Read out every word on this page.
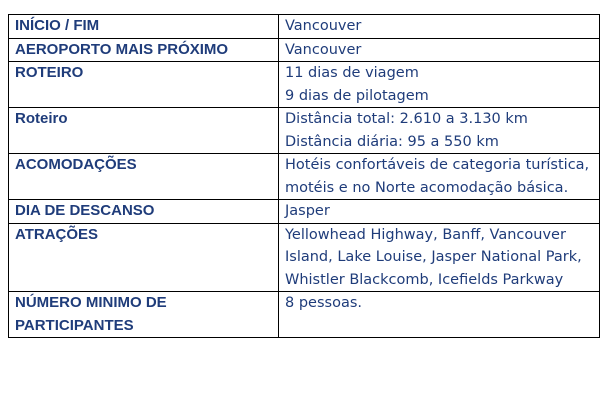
INÍCIO / FIM	Vancouver
AEROPORTO MAIS PRÓXIMO	Vancouver
ROTEIRO	11 dias de viagem
9 dias de pilotagem

Roteiro	Distância total: 2.610 a 3.130 km
Distância diária: 95 a 550 km

ACOMODAÇÕES	Hotéis confortáveis de categoria turística, motéis e no Norte acomodação básica.

DIA DE DESCANSO	Jasper
ATRAÇÕES	Yellowhead Highway, Banff, Vancouver Island, Lake Louise, Jasper National Park, Whistler Blackcomb, Icefields Parkway

NÚMERO MINIMO DE PARTICIPANTES	8 pessoas.
